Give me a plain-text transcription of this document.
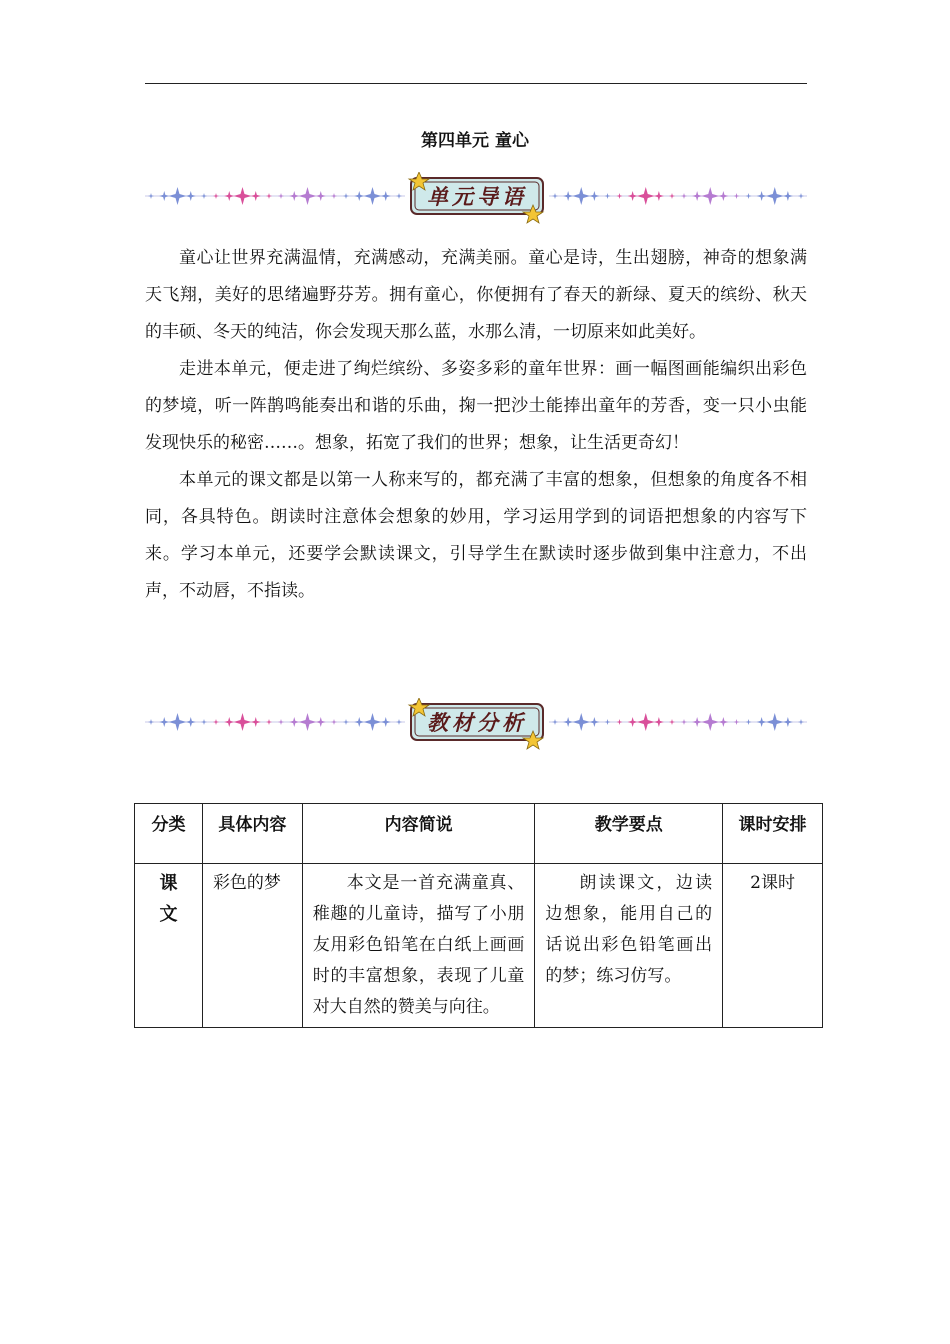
第四单元 童心
单元导语

童心让世界充满温情，充满感动，充满美丽。童心是诗，生出翅膀，神奇的想象满天飞翔，美好的思绪遍野芬芳。拥有童心，你便拥有了春天的新绿、夏天的缤纷、秋天的丰硕、冬天的纯洁，你会发现天那么蓝，水那么清，一切原来如此美好。

走进本单元，便走进了绚烂缤纷、多姿多彩的童年世界：画一幅图画能编织出彩色的梦境，听一阵鹊鸣能奏出和谐的乐曲，掬一把沙土能捧出童年的芳香，变一只小虫能发现快乐的秘密……。想象，拓宽了我们的世界；想象，让生活更奇幻！

本单元的课文都是以第一人称来写的，都充满了丰富的想象，但想象的角度各不相同，各具特色。朗读时注意体会想象的妙用，学习运用学到的词语把想象的内容写下来。学习本单元，还要学会默读课文，引导学生在默读时逐步做到集中注意力，不出声，不动唇，不指读。

教材分析
分类	具体内容	内容简说	教学要点	课时安排
课文	彩色的梦	本文是一首充满童真、稚趣的儿童诗，描写了小朋友用彩色铅笔在白纸上画画时的丰富想象，表现了儿童对大自然的赞美与向往。	朗读课文，边读边想象，能用自己的话说出彩色铅笔画出的梦；练习仿写。	2课时
